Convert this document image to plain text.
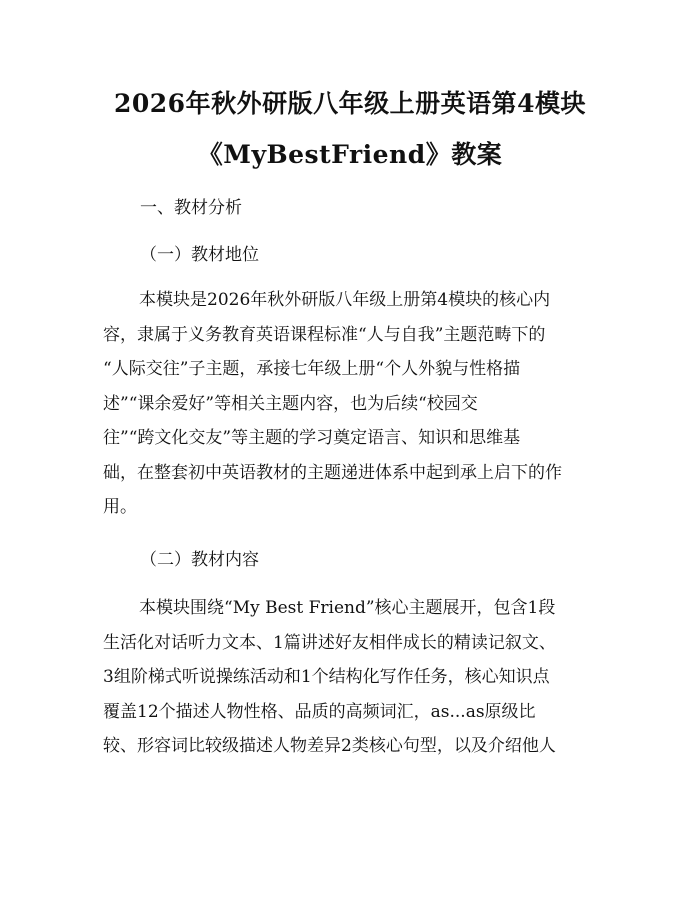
2026年秋外研版八年级上册英语第4模块
《MyBestFriend》教案
一、教材分析
（一）教材地位
本模块是2026年秋外研版八年级上册第4模块的核心内
容，隶属于义务教育英语课程标准“人与自我”主题范畴下的
“人际交往”子主题，承接七年级上册“个人外貌与性格描
述”“课余爱好”等相关主题内容，也为后续“校园交
往”“跨文化交友”等主题的学习奠定语言、知识和思维基
础，在整套初中英语教材的主题递进体系中起到承上启下的作
用。
（二）教材内容
本模块围绕“My Best Friend”核心主题展开，包含1段
生活化对话听力文本、1篇讲述好友相伴成长的精读记叙文、
3组阶梯式听说操练活动和1个结构化写作任务，核心知识点
覆盖12个描述人物性格、品质的高频词汇，as...as原级比
较、形容词比较级描述人物差异2类核心句型，以及介绍他人
